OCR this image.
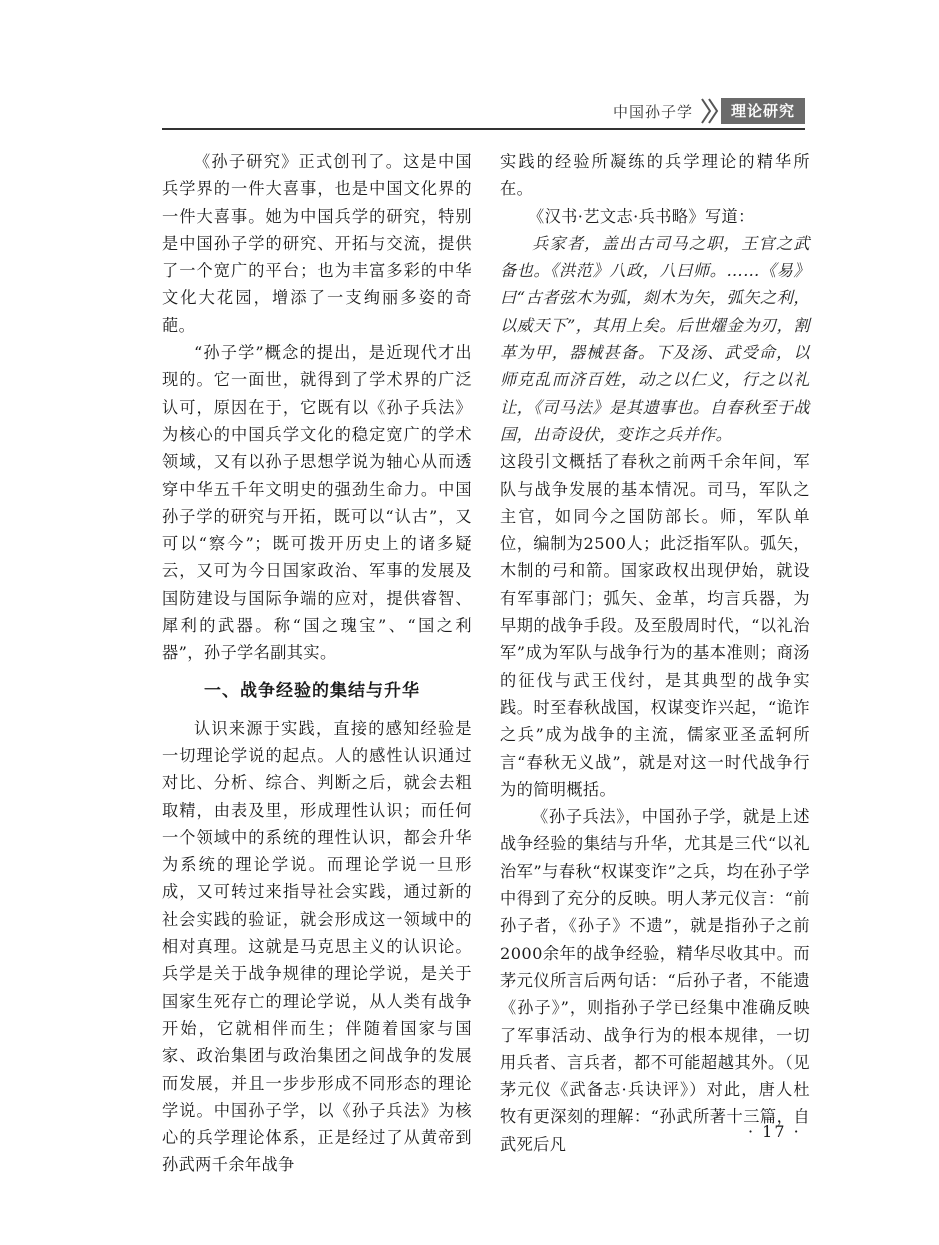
中国孙子学	理论研究

《孙子研究》正式创刊了。这是中国兵学界的一件大喜事，也是中国文化界的一件大喜事。她为中国兵学的研究，特别是中国孙子学的研究、开拓与交流，提供了一个宽广的平台；也为丰富多彩的中华文化大花园，增添了一支绚丽多姿的奇葩。

“孙子学”概念的提出，是近现代才出现的。它一面世，就得到了学术界的广泛认可，原因在于，它既有以《孙子兵法》为核心的中国兵学文化的稳定宽广的学术领域，又有以孙子思想学说为轴心从而透穿中华五千年文明史的强劲生命力。中国孙子学的研究与开拓，既可以“认古”，又可以“察今”；既可拨开历史上的诸多疑云，又可为今日国家政治、军事的发展及国防建设与国际争端的应对，提供睿智、犀利的武器。称“国之瑰宝”、“国之利器”，孙子学名副其实。

一、战争经验的集结与升华

认识来源于实践，直接的感知经验是一切理论学说的起点。人的感性认识通过对比、分析、综合、判断之后，就会去粗取精，由表及里，形成理性认识；而任何一个领域中的系统的理性认识，都会升华为系统的理论学说。而理论学说一旦形成，又可转过来指导社会实践，通过新的社会实践的验证，就会形成这一领域中的相对真理。这就是马克思主义的认识论。兵学是关于战争规律的理论学说，是关于国家生死存亡的理论学说，从人类有战争开始，它就相伴而生；伴随着国家与国家、政治集团与政治集团之间战争的发展而发展，并且一步步形成不同形态的理论学说。中国孙子学，以《孙子兵法》为核心的兵学理论体系，正是经过了从黄帝到孙武两千余年战争

实践的经验所凝练的兵学理论的精华所在。

《汉书·艺文志·兵书略》写道：

兵家者，盖出古司马之职，王官之武备也。《洪范》八政，八曰师。……《易》曰“古者弦木为弧，剡木为矢，弧矢之利，以威天下”，其用上矣。后世燿金为刃，割革为甲，器械甚备。下及汤、武受命，以师克乱而济百姓，动之以仁义，行之以礼让，《司马法》是其遗事也。自春秋至于战国，出奇设伏，变诈之兵并作。

这段引文概括了春秋之前两千余年间，军队与战争发展的基本情况。司马，军队之主官，如同今之国防部长。师，军队单位，编制为2500人；此泛指军队。弧矢，木制的弓和箭。国家政权出现伊始，就设有军事部门；弧矢、金革，均言兵器，为早期的战争手段。及至殷周时代，“以礼治军”成为军队与战争行为的基本准则；商汤的征伐与武王伐纣，是其典型的战争实践。时至春秋战国，权谋变诈兴起，“诡诈之兵”成为战争的主流，儒家亚圣孟轲所言“春秋无义战”，就是对这一时代战争行为的简明概括。

《孙子兵法》，中国孙子学，就是上述战争经验的集结与升华，尤其是三代“以礼治军”与春秋“权谋变诈”之兵，均在孙子学中得到了充分的反映。明人茅元仪言：“前孙子者，《孙子》不遗”，就是指孙子之前2000余年的战争经验，精华尽收其中。而茅元仪所言后两句话：“后孙子者，不能遗《孙子》”，则指孙子学已经集中准确反映了军事活动、战争行为的根本规律，一切用兵者、言兵者，都不可能超越其外。（见茅元仪《武备志·兵诀评》）对此，唐人杜牧有更深刻的理解：“孙武所著十三篇，自武死后凡

· 17 ·
